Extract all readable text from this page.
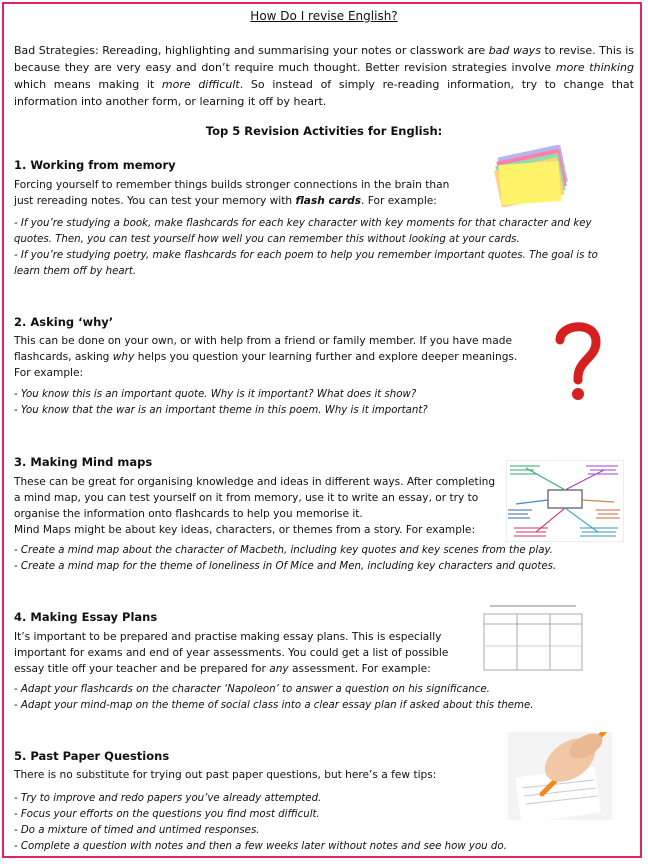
How Do I revise English?
Bad Strategies: Rereading, highlighting and summarising your notes or classwork are bad ways to revise. This is because they are very easy and don’t require much thought. Better revision strategies involve more thinking which means making it more difficult. So instead of simply re-reading information, try to change that information into another form, or learning it off by heart.
Top 5 Revision Activities for English:
1. Working from memory
Forcing yourself to remember things builds stronger connections in the brain than
just rereading notes. You can test your memory with flash cards. For example:
- If you’re studying a book, make flashcards for each key character with key moments for that character and key
quotes. Then, you can test yourself how well you can remember this without looking at your cards.
- If you’re studying poetry, make flashcards for each poem to help you remember important quotes. The goal is to
learn them off by heart.
2. Asking ‘why’
This can be done on your own, or with help from a friend or family member. If you have made
flashcards, asking why helps you question your learning further and explore deeper meanings.
For example:
- You know this is an important quote. Why is it important? What does it show?
- You know that the war is an important theme in this poem. Why is it important?
3. Making Mind maps
These can be great for organising knowledge and ideas in different ways. After completing
a mind map, you can test yourself on it from memory, use it to write an essay, or try to
organise the information onto flashcards to help you memorise it.
Mind Maps might be about key ideas, characters, or themes from a story. For example:
- Create a mind map about the character of Macbeth, including key quotes and key scenes from the play.
- Create a mind map for the theme of loneliness in Of Mice and Men, including key characters and quotes.
4. Making Essay Plans
It’s important to be prepared and practise making essay plans. This is especially
important for exams and end of year assessments. You could get a list of possible
essay title off your teacher and be prepared for any assessment. For example:
- Adapt your flashcards on the character ‘Napoleon’ to answer a question on his significance.
- Adapt your mind-map on the theme of social class into a clear essay plan if asked about this theme.
5. Past Paper Questions
There is no substitute for trying out past paper questions, but here’s a few tips:
- Try to improve and redo papers you’ve already attempted.
- Focus your efforts on the questions you find most difficult.
- Do a mixture of timed and untimed responses.
- Complete a question with notes and then a few weeks later without notes and see how you do.
